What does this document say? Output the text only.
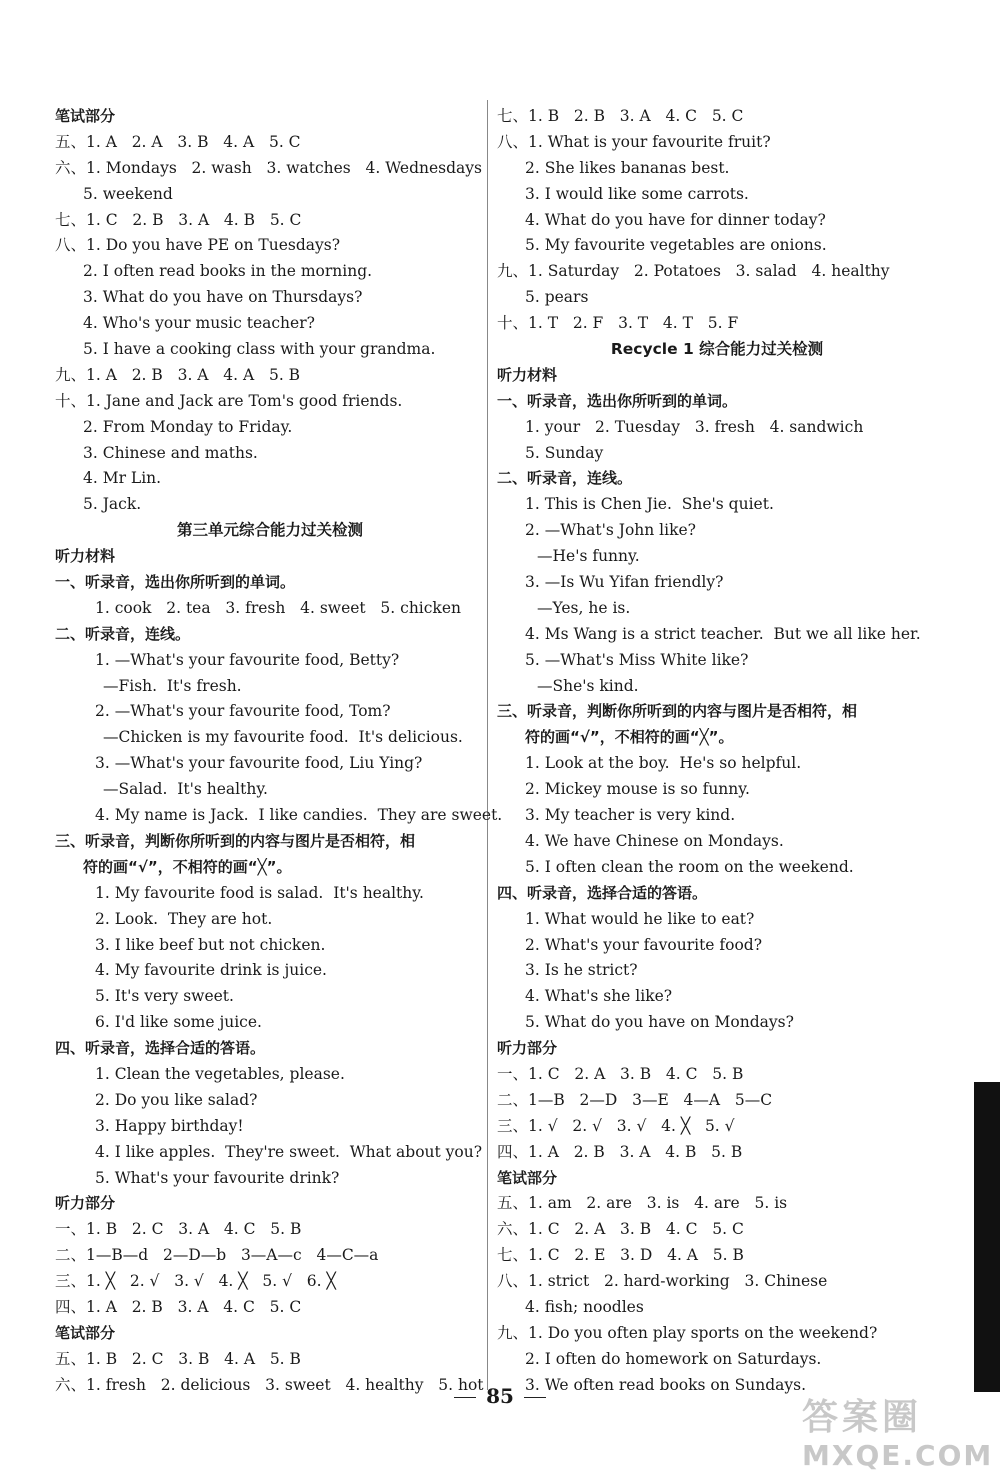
笔试部分
五、1. A   2. A   3. B   4. A   5. C
六、1. Mondays   2. wash   3. watches   4. Wednesdays
5. weekend
七、1. C   2. B   3. A   4. B   5. C
八、1. Do you have PE on Tuesdays?
2. I often read books in the morning.
3. What do you have on Thursdays?
4. Who's your music teacher?
5. I have a cooking class with your grandma.
九、1. A   2. B   3. A   4. A   5. B
十、1. Jane and Jack are Tom's good friends.
2. From Monday to Friday.
3. Chinese and maths.
4. Mr Lin.
5. Jack.
第三单元综合能力过关检测
听力材料
一、听录音，选出你所听到的单词。
1. cook   2. tea   3. fresh   4. sweet   5. chicken
二、听录音，连线。
1. —What's your favourite food, Betty?
—Fish.  It's fresh.
2. —What's your favourite food, Tom?
—Chicken is my favourite food.  It's delicious.
3. —What's your favourite food, Liu Ying?
—Salad.  It's healthy.
4. My name is Jack.  I like candies.  They are sweet.
三、听录音，判断你所听到的内容与图片是否相符，相
符的画“√”，不相符的画“╳”。
1. My favourite food is salad.  It's healthy.
2. Look.  They are hot.
3. I like beef but not chicken.
4. My favourite drink is juice.
5. It's very sweet.
6. I'd like some juice.
四、听录音，选择合适的答语。
1. Clean the vegetables, please.
2. Do you like salad?
3. Happy birthday!
4. I like apples.  They're sweet.  What about you?
5. What's your favourite drink?
听力部分
一、1. B   2. C   3. A   4. C   5. B
二、1—B—d   2—D—b   3—A—c   4—C—a
三、1. ╳   2. √   3. √   4. ╳   5. √   6. ╳
四、1. A   2. B   3. A   4. C   5. C
笔试部分
五、1. B   2. C   3. B   4. A   5. B
六、1. fresh   2. delicious   3. sweet   4. healthy   5. hot
七、1. B   2. B   3. A   4. C   5. C
八、1. What is your favourite fruit?
2. She likes bananas best.
3. I would like some carrots.
4. What do you have for dinner today?
5. My favourite vegetables are onions.
九、1. Saturday   2. Potatoes   3. salad   4. healthy
5. pears
十、1. T   2. F   3. T   4. T   5. F
Recycle 1 综合能力过关检测
听力材料
一、听录音，选出你所听到的单词。
1. your   2. Tuesday   3. fresh   4. sandwich
5. Sunday
二、听录音，连线。
1. This is Chen Jie.  She's quiet.
2. —What's John like?
—He's funny.
3. —Is Wu Yifan friendly?
—Yes, he is.
4. Ms Wang is a strict teacher.  But we all like her.
5. —What's Miss White like?
—She's kind.
三、听录音，判断你所听到的内容与图片是否相符，相
符的画“√”，不相符的画“╳”。
1. Look at the boy.  He's so helpful.
2. Mickey mouse is so funny.
3. My teacher is very kind.
4. We have Chinese on Mondays.
5. I often clean the room on the weekend.
四、听录音，选择合适的答语。
1. What would he like to eat?
2. What's your favourite food?
3. Is he strict?
4. What's she like?
5. What do you have on Mondays?
听力部分
一、1. C   2. A   3. B   4. C   5. B
二、1—B   2—D   3—E   4—A   5—C
三、1. √   2. √   3. √   4. ╳   5. √
四、1. A   2. B   3. A   4. B   5. B
笔试部分
五、1. am   2. are   3. is   4. are   5. is
六、1. C   2. A   3. B   4. C   5. C
七、1. C   2. E   3. D   4. A   5. B
八、1. strict   2. hard-working   3. Chinese
4. fish; noodles
九、1. Do you often play sports on the weekend?
2. I often do homework on Saturdays.
3. We often read books on Sundays.
85
答案圈
MXQE.COM
